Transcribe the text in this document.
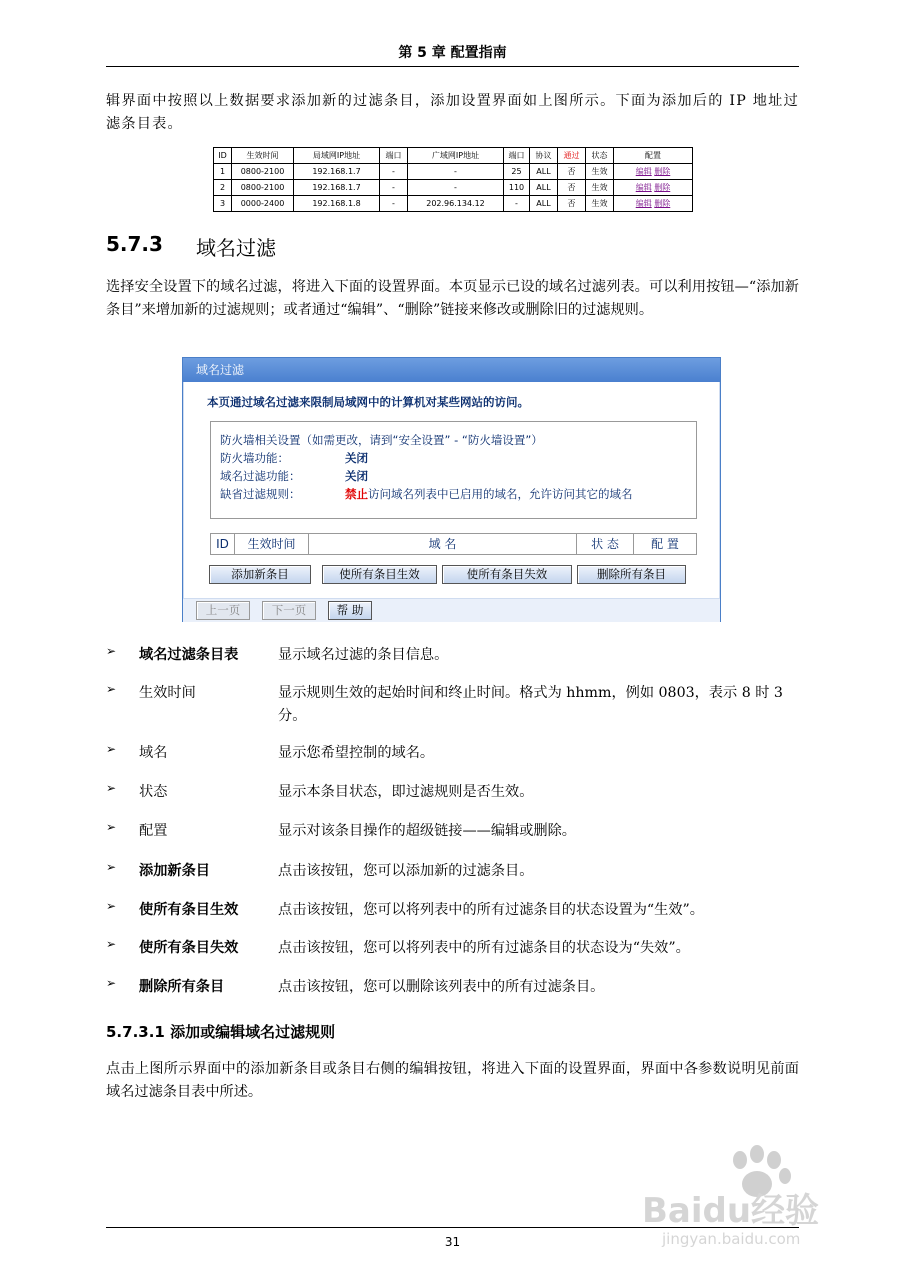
第 5 章 配置指南
辑界面中按照以上数据要求添加新的过滤条目，添加设置界面如上图所示。下面为添加后的 IP 地址过滤条目表。
ID	生效时间	局域网IP地址	端口	广域网IP地址	端口	协议	通过	状态	配置
1	0800-2100	192.168.1.7	-	-	25	ALL	否	生效	编辑 删除
2	0800-2100	192.168.1.7	-	-	110	ALL	否	生效	编辑 删除
3	0000-2400	192.168.1.8	-	202.96.134.12	-	ALL	否	生效	编辑 删除
5.7.3 域名过滤
选择安全设置下的域名过滤，将进入下面的设置界面。本页显示已设的域名过滤列表。可以利用按钮—“添加新条目”来增加新的过滤规则；或者通过“编辑”、“删除”链接来修改或删除旧的过滤规则。
域名过滤
本页通过域名过滤来限制局域网中的计算机对某些网站的访问。
防火墙相关设置（如需更改，请到“安全设置” - “防火墙设置”）
防火墙功能：	关闭
域名过滤功能：	关闭
缺省过滤规则：	禁止访问域名列表中已启用的域名，允许访问其它的域名
ID	生效时间	域 名	状 态	配 置
添加新条目	使所有条目生效	使所有条目失效	删除所有条目
上一页	下一页	帮 助
➢ 域名过滤条目表	显示域名过滤的条目信息。
➢ 生效时间	显示规则生效的起始时间和终止时间。格式为 hhmm，例如 0803，表示 8 时 3 分。
➢ 域名	显示您希望控制的域名。
➢ 状态	显示本条目状态，即过滤规则是否生效。
➢ 配置	显示对该条目操作的超级链接——编辑或删除。
➢ 添加新条目	点击该按钮，您可以添加新的过滤条目。
➢ 使所有条目生效	点击该按钮，您可以将列表中的所有过滤条目的状态设置为“生效”。
➢ 使所有条目失效	点击该按钮，您可以将列表中的所有过滤条目的状态设为“失效”。
➢ 删除所有条目	点击该按钮，您可以删除该列表中的所有过滤条目。
5.7.3.1 添加或编辑域名过滤规则
点击上图所示界面中的添加新条目或条目右侧的编辑按钮，将进入下面的设置界面，界面中各参数说明见前面域名过滤条目表中所述。
Baidu经验
jingyan.baidu.com
31
